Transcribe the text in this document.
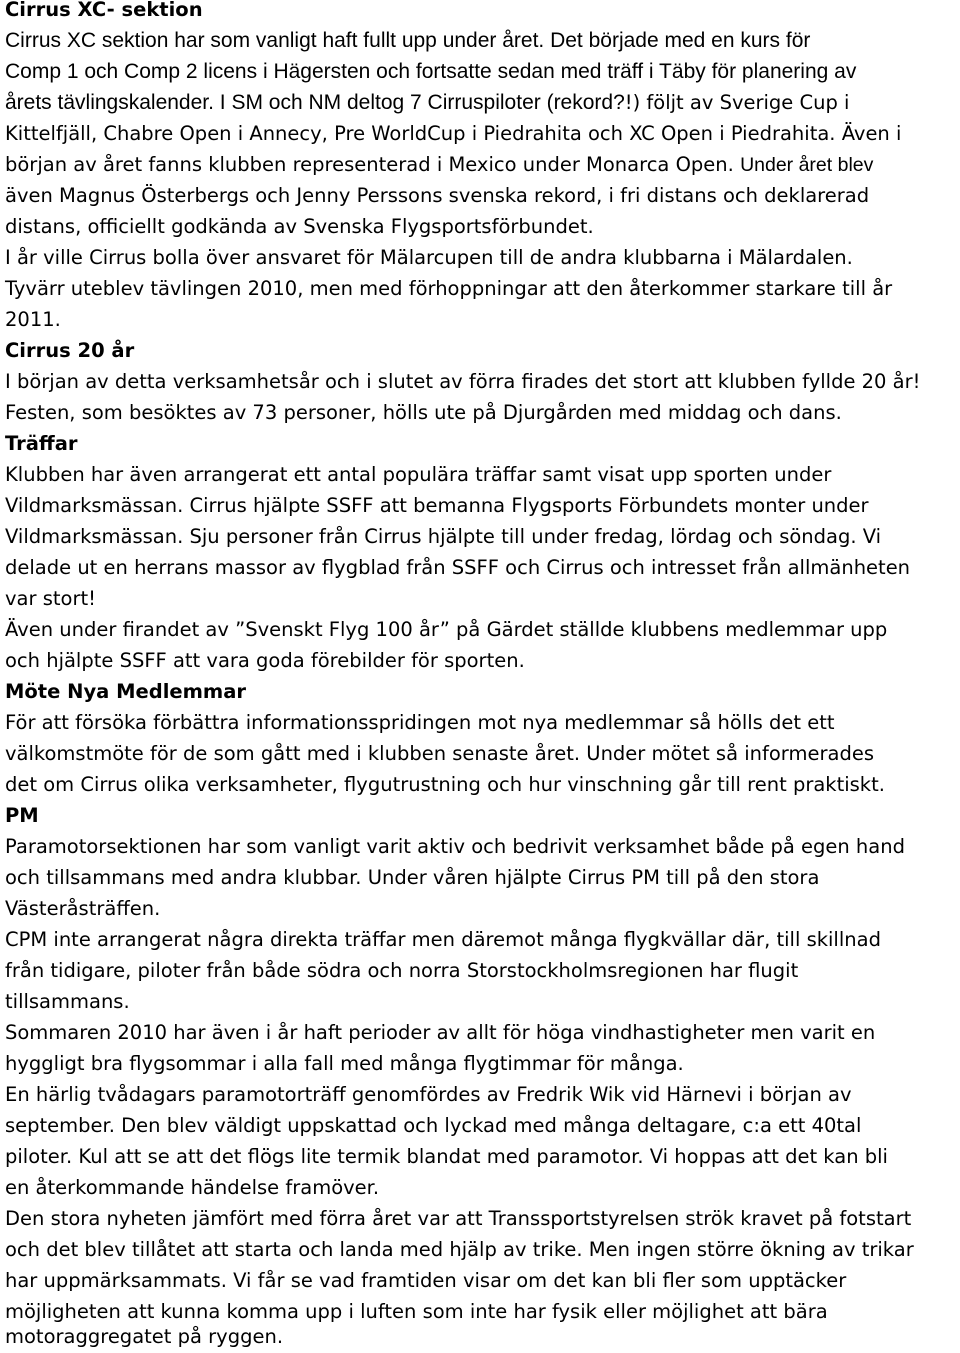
Cirrus XC- sektion
Cirrus XC sektion har som vanligt haft fullt upp under året. Det började med en kurs för
Comp 1 och Comp 2 licens i Hägersten och fortsatte sedan med träff i Täby för planering av
årets tävlingskalender. I SM och NM deltog 7 Cirruspiloter (rekord?!) följt av Sverige Cup i
Kittelfjäll, Chabre Open i Annecy, Pre WorldCup i Piedrahita och XC Open i Piedrahita. Även i
början av året fanns klubben representerad i Mexico under Monarca Open. Under året blev
även Magnus Österbergs och Jenny Perssons svenska rekord, i fri distans och deklarerad
distans, officiellt godkända av Svenska Flygsportsförbundet.
I år ville Cirrus bolla över ansvaret för Mälarcupen till de andra klubbarna i Mälardalen.
Tyvärr uteblev tävlingen 2010, men med förhoppningar att den återkommer starkare till år
2011.
Cirrus 20 år
I början av detta verksamhetsår och i slutet av förra firades det stort att klubben fyllde 20 år!
Festen, som besöktes av 73 personer, hölls ute på Djurgården med middag och dans.
Träffar
Klubben har även arrangerat ett antal populära träffar samt visat upp sporten under
Vildmarksmässan. Cirrus hjälpte SSFF att bemanna Flygsports Förbundets monter under
Vildmarksmässan. Sju personer från Cirrus hjälpte till under fredag, lördag och söndag. Vi
delade ut en herrans massor av flygblad från SSFF och Cirrus och intresset från allmänheten
var stort!
Även under firandet av ”Svenskt Flyg 100 år” på Gärdet ställde klubbens medlemmar upp
och hjälpte SSFF att vara goda förebilder för sporten.
Möte Nya Medlemmar
För att försöka förbättra informationsspridingen mot nya medlemmar så hölls det ett
välkomstmöte för de som gått med i klubben senaste året. Under mötet så informerades
det om Cirrus olika verksamheter, flygutrustning och hur vinschning går till rent praktiskt.
PM
Paramotorsektionen har som vanligt varit aktiv och bedrivit verksamhet både på egen hand
och tillsammans med andra klubbar. Under våren hjälpte Cirrus PM till på den stora
Västeråsträffen.
CPM inte arrangerat några direkta träffar men däremot många flygkvällar där, till skillnad
från tidigare, piloter från både södra och norra Storstockholmsregionen har flugit
tillsammans.
Sommaren 2010 har även i år haft perioder av allt för höga vindhastigheter men varit en
hyggligt bra flygsommar i alla fall med många flygtimmar för många.
En härlig tvådagars paramotorträff genomfördes av Fredrik Wik vid Härnevi i början av
september. Den blev väldigt uppskattad och lyckad med många deltagare, c:a ett 40tal
piloter. Kul att se att det flögs lite termik blandat med paramotor. Vi hoppas att det kan bli
en återkommande händelse framöver.
Den stora nyheten jämfört med förra året var att Transsportstyrelsen strök kravet på fotstart
och det blev tillåtet att starta och landa med hjälp av trike. Men ingen större ökning av trikar
har uppmärksammats. Vi får se vad framtiden visar om det kan bli fler som upptäcker
möjligheten att kunna komma upp i luften som inte har fysik eller möjlighet att bära
motoraggregatet på ryggen.
